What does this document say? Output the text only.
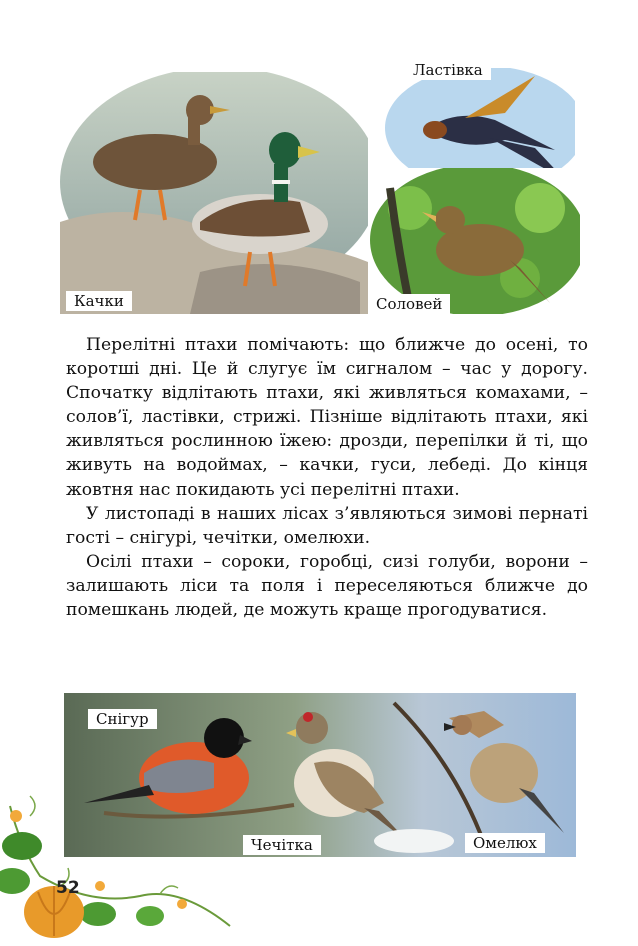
Качки
Ластівка
Соловей

Перелітні птахи помічають: що ближче до осені, то коротші дні. Це й слугує їм сигналом – час у дорогу. Спочатку відлітають птахи, які живляться комахами, – солов’ї, ластівки, стрижі. Пізніше відлітають птахи, які живляться рослинною їжею: дрозди, перепілки й ті, що живуть на водоймах, – качки, гуси, лебеді. До кінця жовтня нас покидають усі перелітні птахи.

У листопаді в наших лісах з’являються зимові пернаті гості – снігурі, чечітки, омелюхи.

Осілі птахи – сороки, горобці, сизі голуби, ворони – залишають ліси та поля і переселяються ближче до помешкань людей, де можуть краще прогодуватися.

Снігур
Чечітка	Омелюх
52
